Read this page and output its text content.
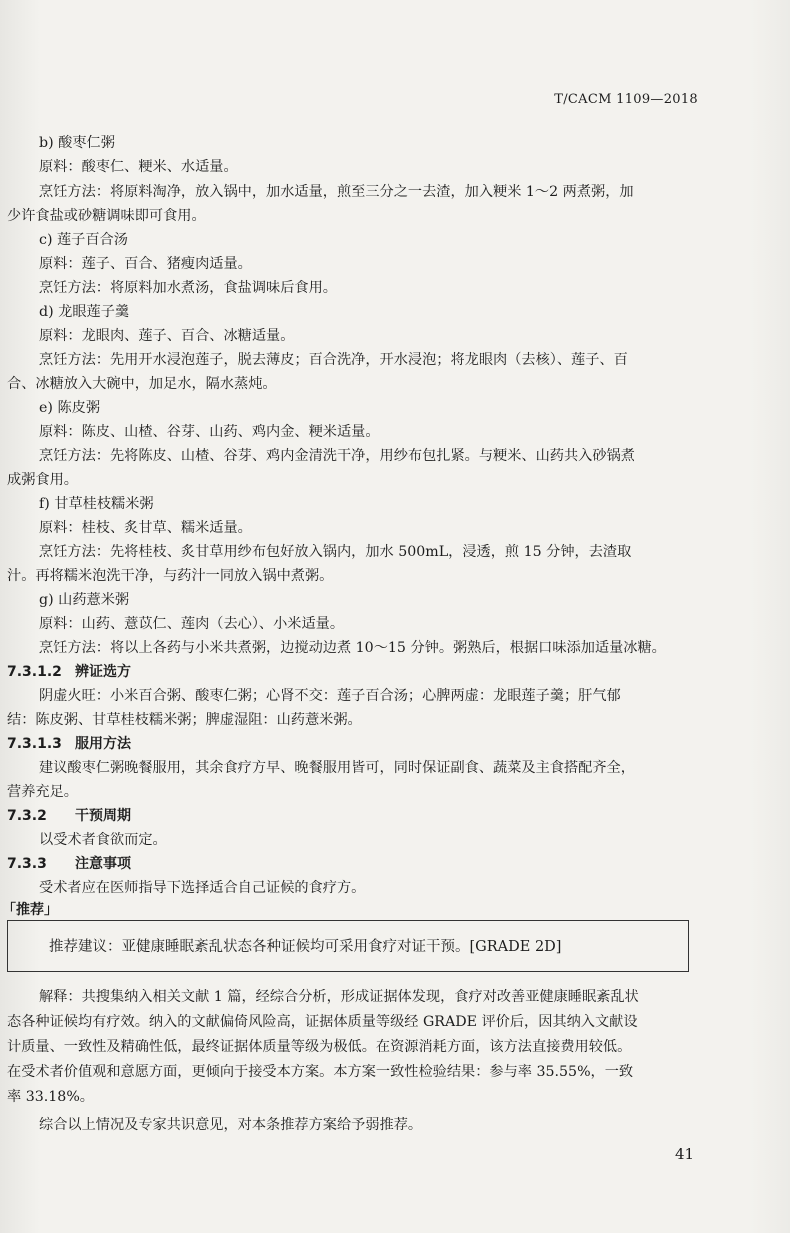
T/CACM 1109—2018
b) 酸枣仁粥
原料：酸枣仁、粳米、水适量。
烹饪方法：将原料淘净，放入锅中，加水适量，煎至三分之一去渣，加入粳米 1～2 两煮粥，加
少许食盐或砂糖调味即可食用。
c) 莲子百合汤
原料：莲子、百合、猪瘦肉适量。
烹饪方法：将原料加水煮汤，食盐调味后食用。
d) 龙眼莲子羹
原料：龙眼肉、莲子、百合、冰糖适量。
烹饪方法：先用开水浸泡莲子，脱去薄皮；百合洗净，开水浸泡；将龙眼肉（去核）、莲子、百
合、冰糖放入大碗中，加足水，隔水蒸炖。
e) 陈皮粥
原料：陈皮、山楂、谷芽、山药、鸡内金、粳米适量。
烹饪方法：先将陈皮、山楂、谷芽、鸡内金清洗干净，用纱布包扎紧。与粳米、山药共入砂锅煮
成粥食用。
f) 甘草桂枝糯米粥
原料：桂枝、炙甘草、糯米适量。
烹饪方法：先将桂枝、炙甘草用纱布包好放入锅内，加水 500mL，浸透，煎 15 分钟，去渣取
汁。再将糯米泡洗干净，与药汁一同放入锅中煮粥。
g) 山药薏米粥
原料：山药、薏苡仁、莲肉（去心）、小米适量。
烹饪方法：将以上各药与小米共煮粥，边搅动边煮 10～15 分钟。粥熟后，根据口味添加适量冰糖。
7.3.1.2 辨证选方
阴虚火旺：小米百合粥、酸枣仁粥；心肾不交：莲子百合汤；心脾两虚：龙眼莲子羹；肝气郁
结：陈皮粥、甘草桂枝糯米粥；脾虚湿阻：山药薏米粥。
7.3.1.3 服用方法
建议酸枣仁粥晚餐服用，其余食疗方早、晚餐服用皆可，同时保证副食、蔬菜及主食搭配齐全，
营养充足。
7.3.2 干预周期
以受术者食欲而定。
7.3.3 注意事项
受术者应在医师指导下选择适合自己证候的食疗方。
「推荐」
推荐建议：亚健康睡眠紊乱状态各种证候均可采用食疗对证干预。[GRADE 2D]
解释：共搜集纳入相关文献 1 篇，经综合分析，形成证据体发现，食疗对改善亚健康睡眠紊乱状
态各种证候均有疗效。纳入的文献偏倚风险高，证据体质量等级经 GRADE 评价后，因其纳入文献设
计质量、一致性及精确性低，最终证据体质量等级为极低。在资源消耗方面，该方法直接费用较低。
在受术者价值观和意愿方面，更倾向于接受本方案。本方案一致性检验结果：参与率 35.55%，一致
率 33.18%。
综合以上情况及专家共识意见，对本条推荐方案给予弱推荐。
41
